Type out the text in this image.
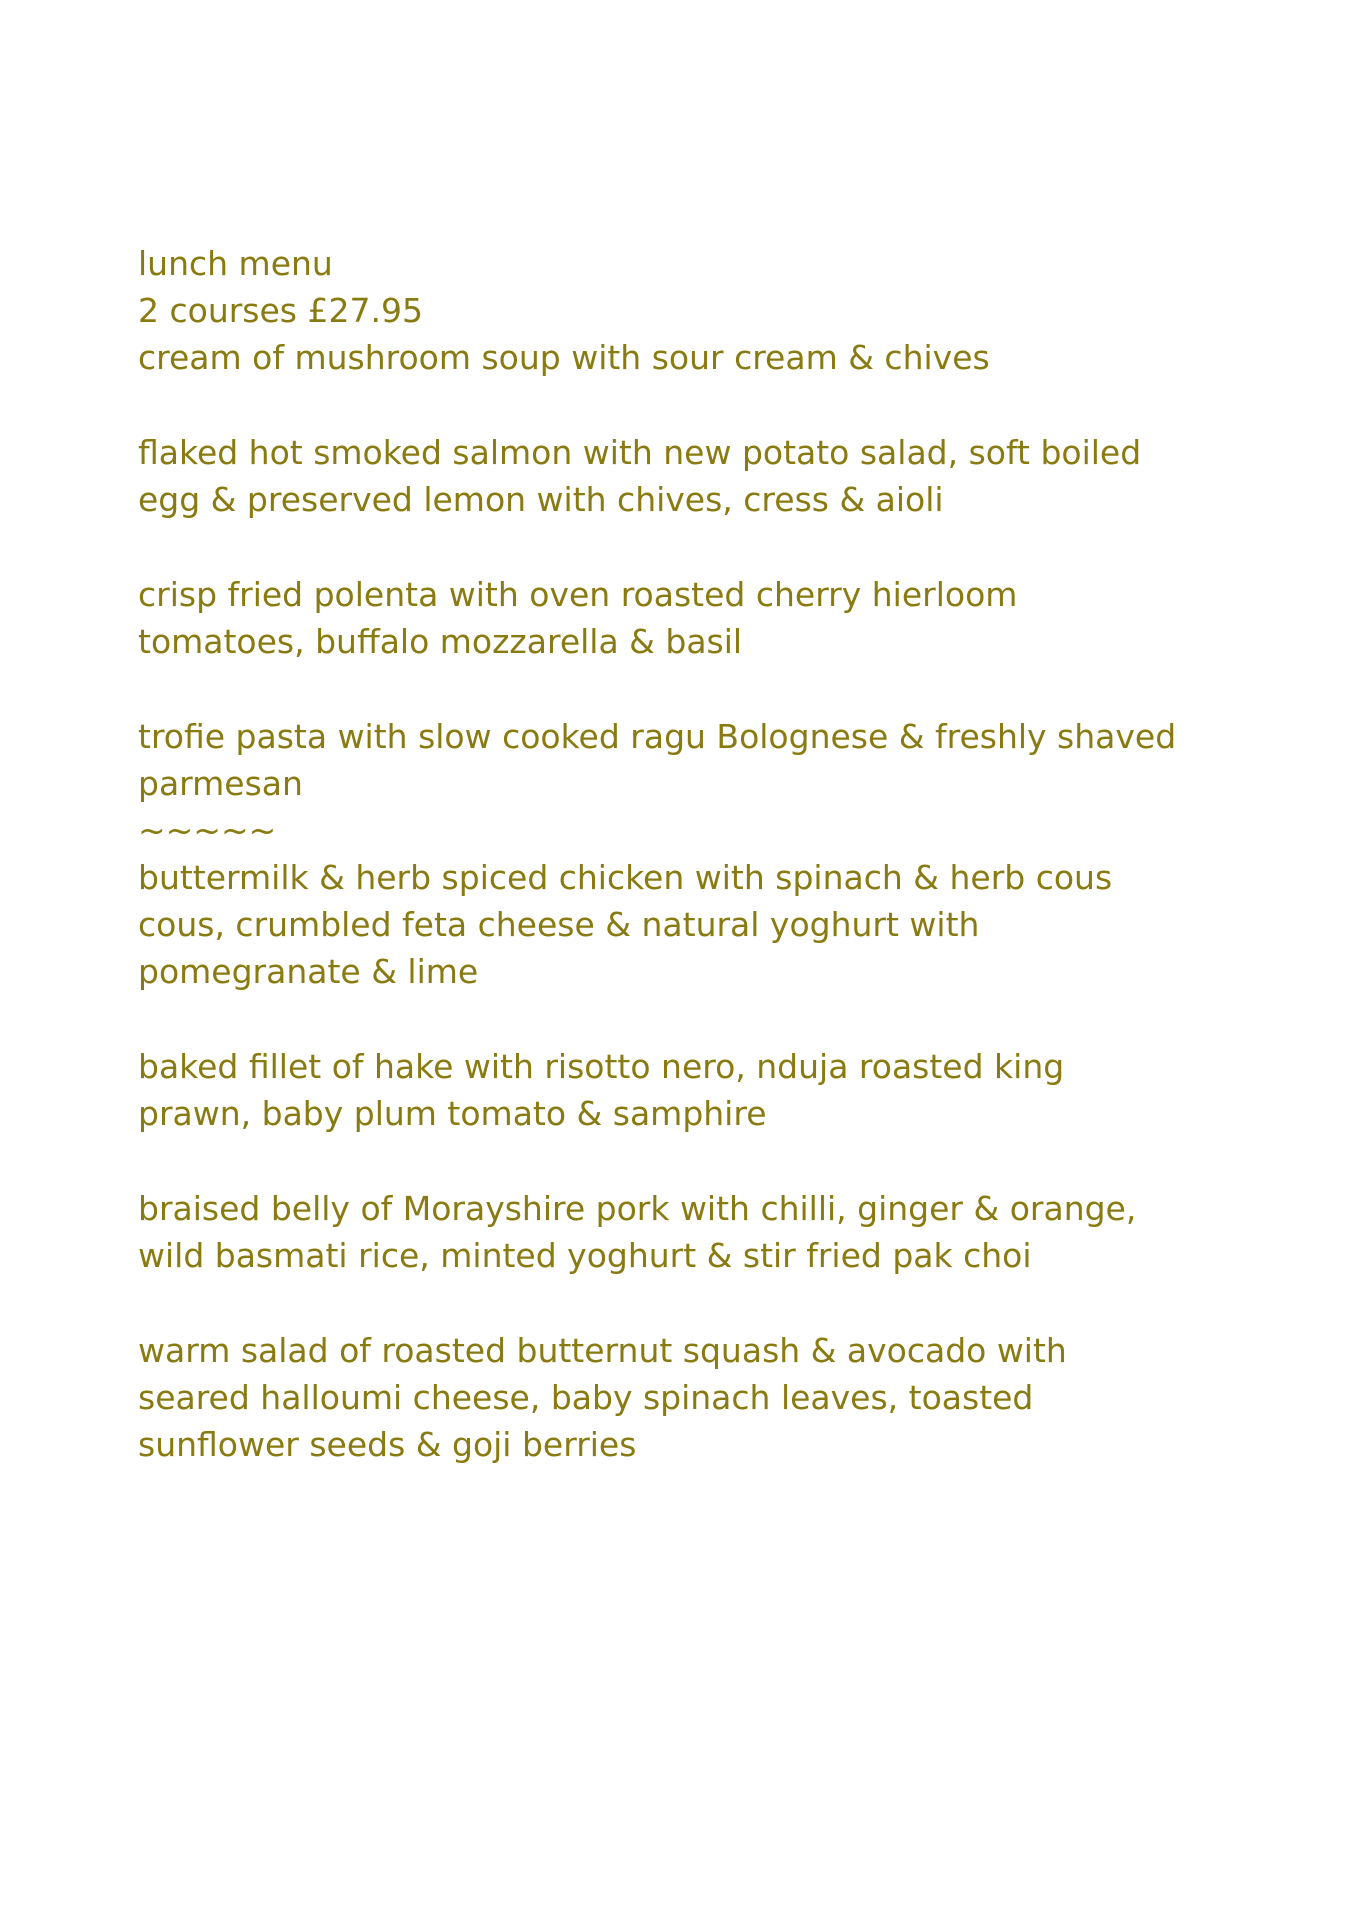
lunch menu

2 courses £27.95

cream of mushroom soup with sour cream & chives

flaked hot smoked salmon with new potato salad, soft boiled

egg & preserved lemon with chives, cress & aioli

crisp fried polenta with oven roasted cherry hierloom

tomatoes, buffalo mozzarella & basil

trofie pasta with slow cooked ragu Bolognese & freshly shaved

parmesan

~~~~~

buttermilk & herb spiced chicken with spinach & herb cous

cous, crumbled feta cheese & natural yoghurt with

pomegranate & lime

baked fillet of hake with risotto nero, nduja roasted king

prawn, baby plum tomato & samphire

braised belly of Morayshire pork with chilli, ginger & orange,

wild basmati rice, minted yoghurt & stir fried pak choi

warm salad of roasted butternut squash & avocado with

seared halloumi cheese, baby spinach leaves, toasted

sunflower seeds & goji berries
